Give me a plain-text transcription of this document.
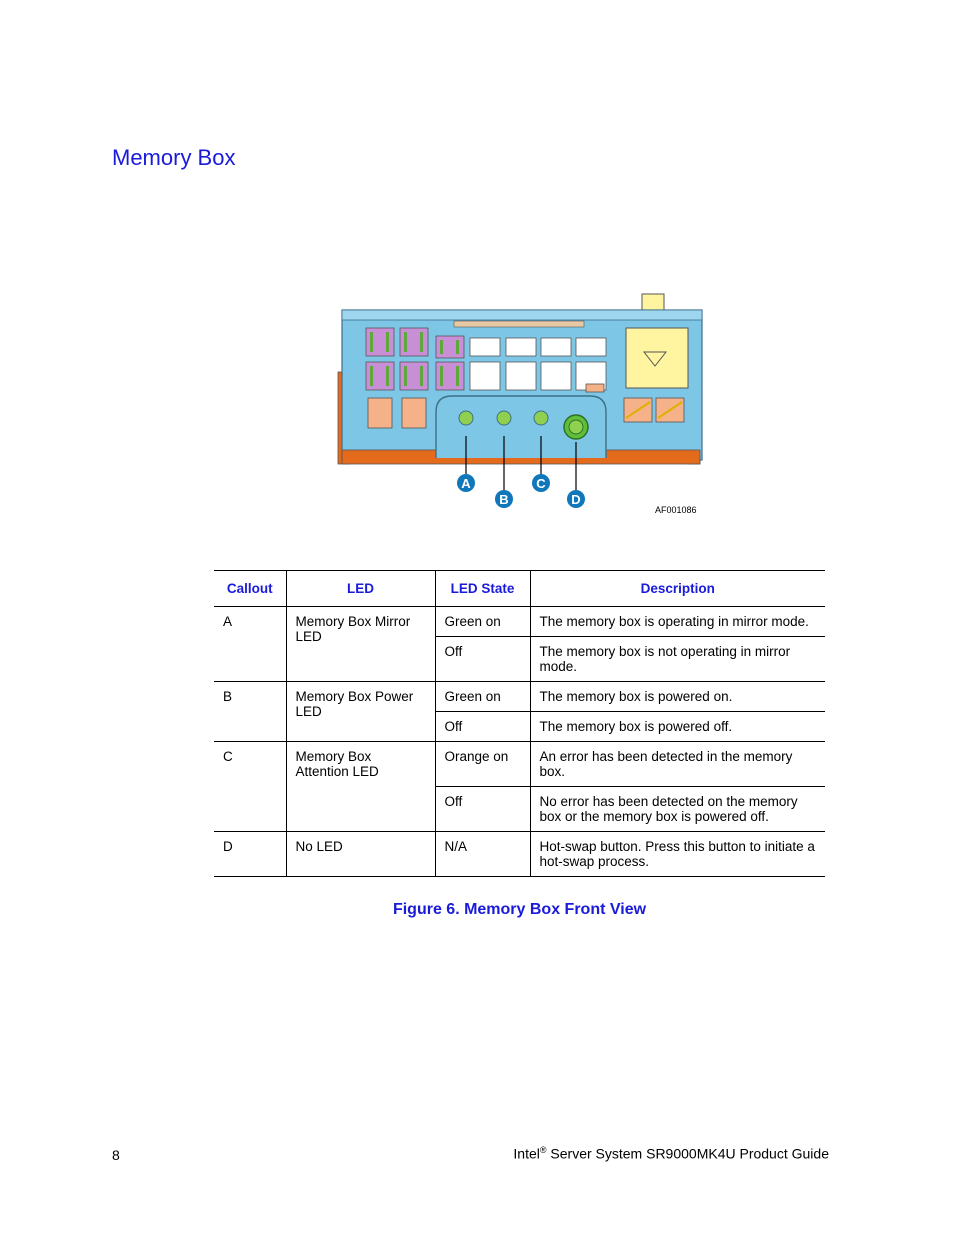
Memory Box
A
B
C
D
AF001086
Callout	LED	LED State	Description
A	Memory Box Mirror LED	Green on	The memory box is operating in mirror mode.
		Off	The memory box is not operating in mirror mode.
B	Memory Box Power LED	Green on	The memory box is powered on.
		Off	The memory box is powered off.
C	Memory Box Attention LED	Orange on	An error has been detected in the memory box.
		Off	No error has been detected on the memory box or the memory box is powered off.
D	No LED	N/A	Hot-swap button. Press this button to initiate a hot-swap process.
Figure 6. Memory Box Front View
8	Intel® Server System SR9000MK4U Product Guide
